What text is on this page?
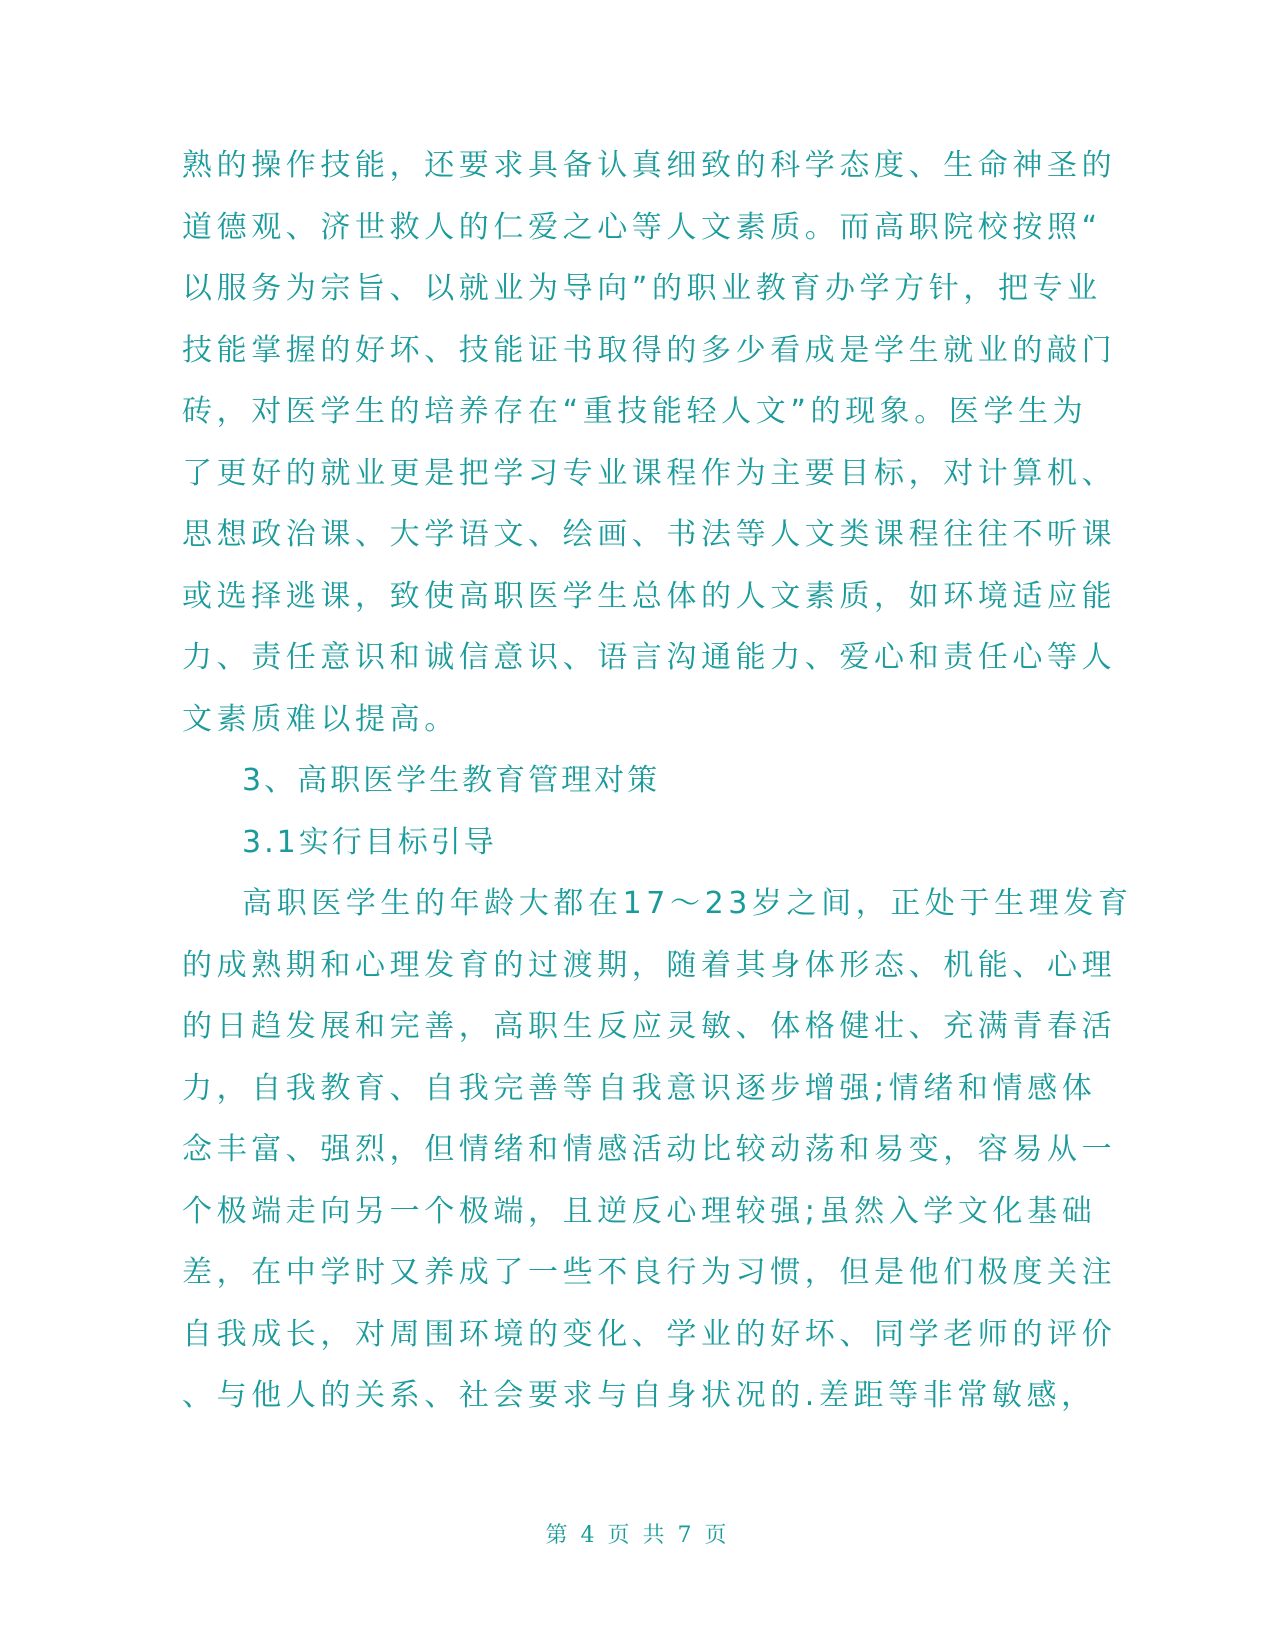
熟的操作技能，还要求具备认真细致的科学态度、生命神圣的
道德观、济世救人的仁爱之心等人文素质。而高职院校按照“
以服务为宗旨、以就业为导向”的职业教育办学方针，把专业
技能掌握的好坏、技能证书取得的多少看成是学生就业的敲门
砖，对医学生的培养存在“重技能轻人文”的现象。医学生为
了更好的就业更是把学习专业课程作为主要目标，对计算机、
思想政治课、大学语文、绘画、书法等人文类课程往往不听课
或选择逃课，致使高职医学生总体的人文素质，如环境适应能
力、责任意识和诚信意识、语言沟通能力、爱心和责任心等人
文素质难以提高。
3、高职医学生教育管理对策
3.1实行目标引导
高职医学生的年龄大都在17～23岁之间，正处于生理发育
的成熟期和心理发育的过渡期，随着其身体形态、机能、心理
的日趋发展和完善，高职生反应灵敏、体格健壮、充满青春活
力，自我教育、自我完善等自我意识逐步增强;情绪和情感体
念丰富、强烈，但情绪和情感活动比较动荡和易变，容易从一
个极端走向另一个极端，且逆反心理较强;虽然入学文化基础
差，在中学时又养成了一些不良行为习惯，但是他们极度关注
自我成长，对周围环境的变化、学业的好坏、同学老师的评价
、与他人的关系、社会要求与自身状况的.差距等非常敏感，
第 4 页 共 7 页
